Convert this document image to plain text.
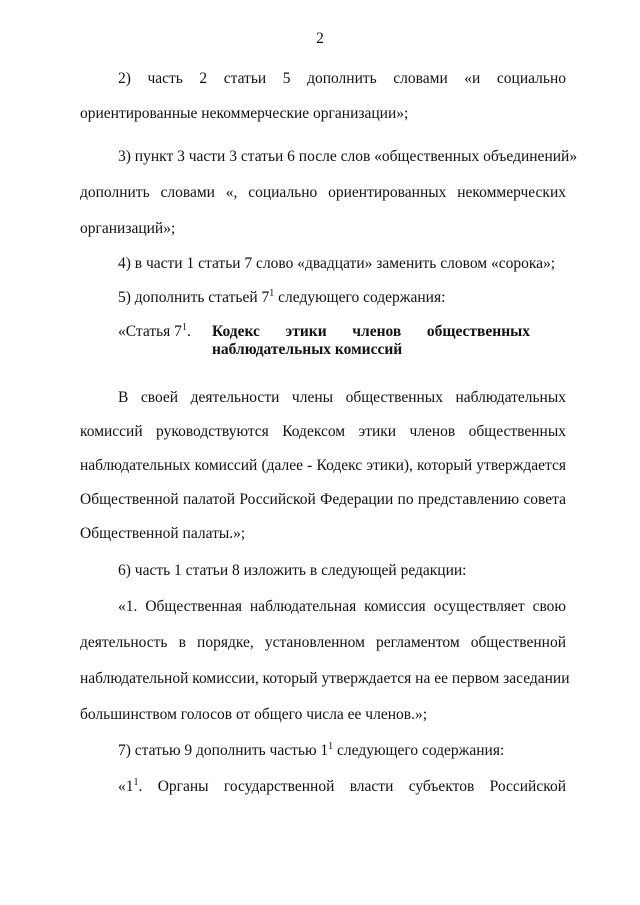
2
2) часть 2 статьи 5 дополнить словами «и социально
ориентированные некоммерческие организации»;
3) пункт 3 части 3 статьи 6 после слов «общественных объединений»
дополнить словами «, социально ориентированных некоммерческих
организаций»;
4) в части 1 статьи 7 слово «двадцати» заменить словом «сорока»;
5) дополнить статьей $7^1$ следующего содержания:
«Статья $7^1$. Кодекс этики членов общественных
наблюдательных комиссий
В своей деятельности члены общественных наблюдательных
комиссий руководствуются Кодексом этики членов общественных
наблюдательных комиссий (далее - Кодекс этики), который утверждается
Общественной палатой Российской Федерации по представлению совета
Общественной палаты.»;
6) часть 1 статьи 8 изложить в следующей редакции:
«1. Общественная наблюдательная комиссия осуществляет свою
деятельность в порядке, установленном регламентом общественной
наблюдательной комиссии, который утверждается на ее первом заседании
большинством голосов от общего числа ее членов.»;
7) статью 9 дополнить частью $1^1$ следующего содержания:
«$1^1$. Органы государственной власти субъектов Российской
